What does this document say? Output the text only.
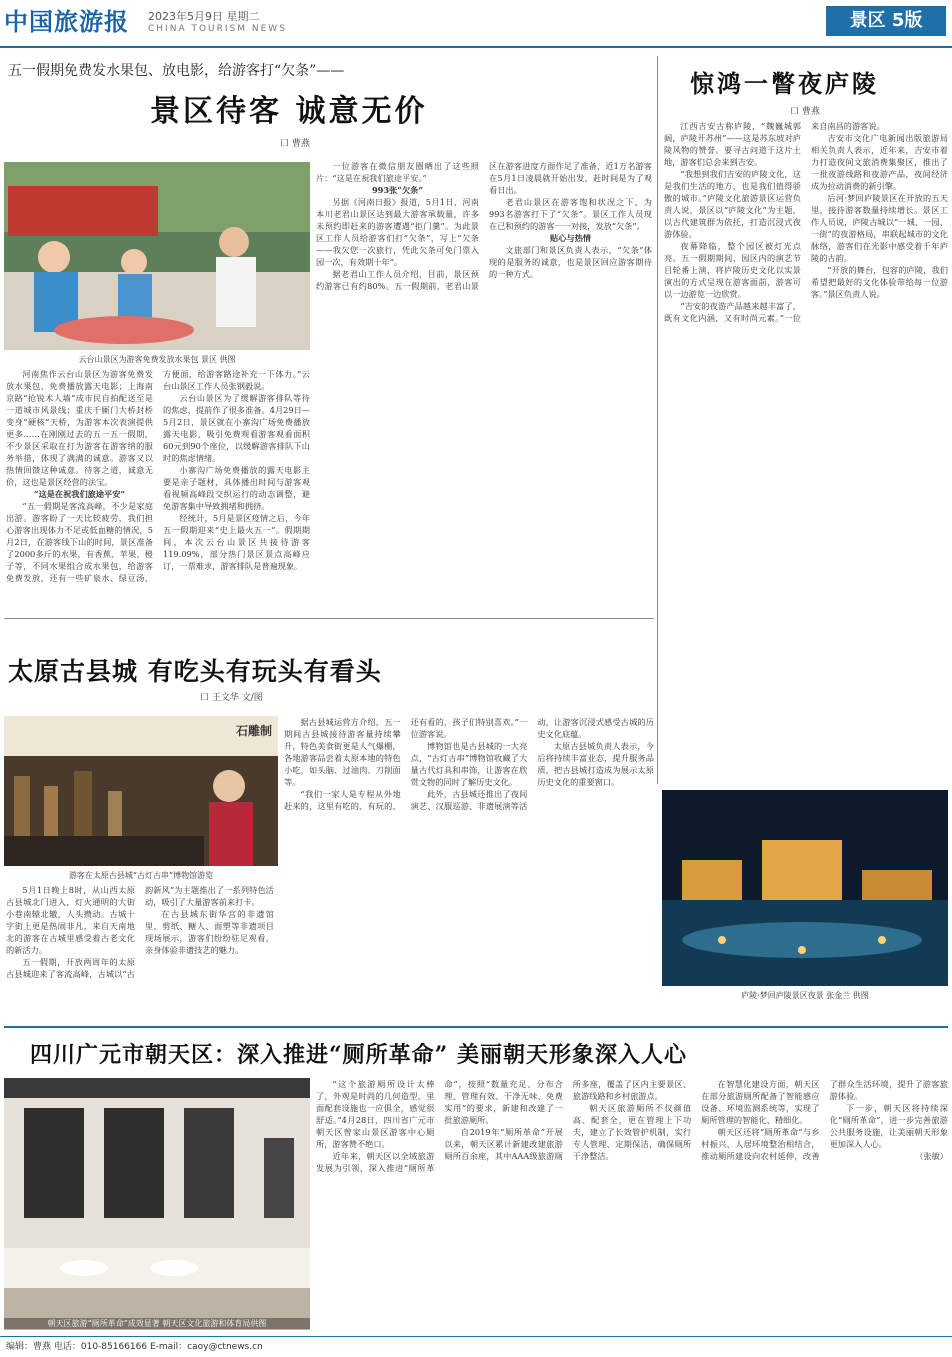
中国旅游报 2023年5月9日 星期二
CHINA TOURISM NEWS	景区 5版
五一假期免费发水果包、放电影，给游客打“欠条”——
景区待客 诚意无价
口 曹燕
云台山景区为游客免费发放水果包 景区 供图

河南焦作云台山景区为游客免费发放水果包、免费播放露天电影；上海南京路“抢锐术人墙”成市民自拍配送至是一道城市风景线；重庆千厮门大桥封桥变身“硬核”天桥，为游客本次表演提供更多……在刚刚过去的五一五一假期，不少景区采取在打为游客在游客纳的服务举措，体现了满满的诚意。游客又以热情回馈这种诚意。待客之道，诚意无价，这也是景区经营的法宝。

“这是在祝我们旅途平安”

“五一假期是客流高峰，不少是家庭出游。游客盼了一天比较疲劳，我们担心游客出现体力不足或低血糖的情况，5月2日，在游客线下山的时间，景区准备了2000多斤的水果，有香蕉、苹果、橙子等，不同水果组合成水果包，给游客免费发放，还有一些矿泉水、绿豆汤、方便面，给游客路途补充一下体力。”云台山景区工作人员张钢毅说。

云台山景区为了缓解游客排队等待的焦虑，提前作了很多准备。4月29日—5月2日，景区就在小寨沟广场免费播放露天电影，吸引免费观看游客观看面积60元到90个座位，以缓解游客排队下山时的焦虑情绪。

小寨沟广场免费播放的露天电影主要是亲子题材，具体播出时间与游客观看视频高峰段交织运行的动态调整，避免游客集中导致拥堵和拥挤。

经统计，5月是景区疫情之后，今年五一假期迎来“史上最火五一”。假期期间，本次云台山景区共接待游客119.09%，部分热门景区景点高峰应订，一票难求，游客排队是普遍现象。

一位游客在微信朋友圈晒出了这些照片：“这是在祝我们旅途平安。”

993张“欠条”

另据《河南日报》报道，5月1日，河南本川老君山景区达到最大游客承载量，许多未预约即赶来的游客遭遇“拒门羹”。为此景区工作人员给游客们打“欠条”，写上“欠条——我欠您一次旅行，凭此欠条可免门票入园一次，有效期十年”。

据老君山工作人员介绍，目前，景区预约游客已有约80%。五一假期前，老君山景区在游客进度方面作足了准备，近1万名游客在5月1日凌晨就开始出发，赶时间是为了观看日出。

老君山景区在游客饱和状况之下，为993名游客打下了“欠条”。景区工作人员现在已和预约的游客一一对接，发放“欠条”。

贴心与热情

文旅部门和景区负责人表示，“欠条”体现的是服务的诚意，也是景区回应游客期待的一种方式。

惊鸿一瞥夜庐陵
口 曹燕

江西吉安古称庐陵，“魏巍城郭阔，庐陵开苏州”——这是苏东坡对庐陵风物的赞誉。要寻古问道于这片土地，游客们总会来到吉安。

“我想到我们吉安的庐陵文化，这是我们生活的地方，也是我们值得骄傲的城市。”庐陵文化旅游景区运营负责人说，景区以“庐陵文化”为主题，以古代建筑群为依托，打造沉浸式夜游体验。

夜幕降临，整个园区被灯光点亮。五一假期期间，园区内的演艺节目轮番上演，将庐陵历史文化以实景演出的方式呈现在游客面前，游客可以一边游览一边欣赏。

“吉安的夜游产品越来越丰富了，既有文化内涵，又有时尚元素。”一位来自南昌的游客说。

吉安市文化广电新闻出版旅游局相关负责人表示，近年来，吉安市着力打造夜间文旅消费集聚区，推出了一批夜游线路和夜游产品，夜间经济成为拉动消费的新引擎。

后河·梦回庐陵景区在开放的五天里，接待游客数量持续增长。景区工作人员说，庐陵古城以“一城、一园、一街”的夜游格局，串联起城市的文化脉络，游客们在光影中感受着千年庐陵的古韵。

“开放的舞台，包容的庐陵，我们希望把最好的文化体验带给每一位游客。”景区负责人说。

太原古县城 有吃头有玩头有看头
口 王文华 文/图
石雕制
游客在太原古县城“古灯古串”博物馆游览

5月1日晚上8时，从山西太原古县城北门进入，灯火通明的大街小巷南辕北辙，人头攒动。古城十字街上更是热闹非凡，来自天南地北的游客在古城里感受着古老文化的新活力。

五一假期，开放两周年的太原古县城迎来了客流高峰，古城以“古韵新风”为主题推出了一系列特色活动，吸引了大量游客前来打卡。

在古县城东街华宫的非遗馆里，剪纸、糖人、面塑等非遗项目现场展示，游客们纷纷驻足观看，亲身体验非遗技艺的魅力。

据古县城运营方介绍，五一期间古县城接待游客量持续攀升，特色美食街更是人气爆棚，各地游客品尝着太原本地的特色小吃，如头脑、过油肉、刀削面等。

“我们一家人是专程从外地赶来的，这里有吃的、有玩的、还有看的，孩子们特别喜欢。”一位游客说。

博物馆也是古县城的一大亮点，“古灯古串”博物馆收藏了大量古代灯具和串饰，让游客在欣赏文物的同时了解历史文化。

此外，古县城还推出了夜间演艺、汉服巡游、非遗展演等活动，让游客沉浸式感受古城的历史文化底蕴。

太原古县城负责人表示，今后将持续丰富业态，提升服务品质，把古县城打造成为展示太原历史文化的重要窗口。

庐陵·梦回庐陵景区夜景 张金兰 供图
四川广元市朝天区：深入推进“厕所革命” 美丽朝天形象深入人心
朝天区旅游“厕所革命”成效显著 朝天区文化旅游和体育局供图

“这个旅游厕所设计太棒了，外观是时尚的几何造型，里面配套设施也一应俱全，感觉很舒适。”4月28日，四川省广元市朝天区曾家山景区游客中心厕所，游客赞不绝口。

近年来，朝天区以全域旅游发展为引领，深入推进“厕所革命”，按照“数量充足、分布合理、管理有效、干净无味、免费实用”的要求，新建和改建了一批旅游厕所。

自2019年“厕所革命”开展以来，朝天区累计新建改建旅游厕所百余座，其中AAA级旅游厕所多座，覆盖了区内主要景区、旅游线路和乡村旅游点。

朝天区旅游厕所不仅颜值高、配套全，更在管理上下功夫，建立了长效管护机制，实行专人管理、定期保洁，确保厕所干净整洁。

在智慧化建设方面，朝天区在部分旅游厕所配备了智能感应设备、环境监测系统等，实现了厕所管理的智能化、精细化。

朝天区还将“厕所革命”与乡村振兴、人居环境整治相结合，推动厕所建设向农村延伸，改善了群众生活环境，提升了游客旅游体验。

下一步，朝天区将持续深化“厕所革命”，进一步完善旅游公共服务设施，让美丽朝天形象更加深入人心。

（张敏）

编辑：曹燕 电话：010-85166166 E-mail：caoy@ctnews.cn
